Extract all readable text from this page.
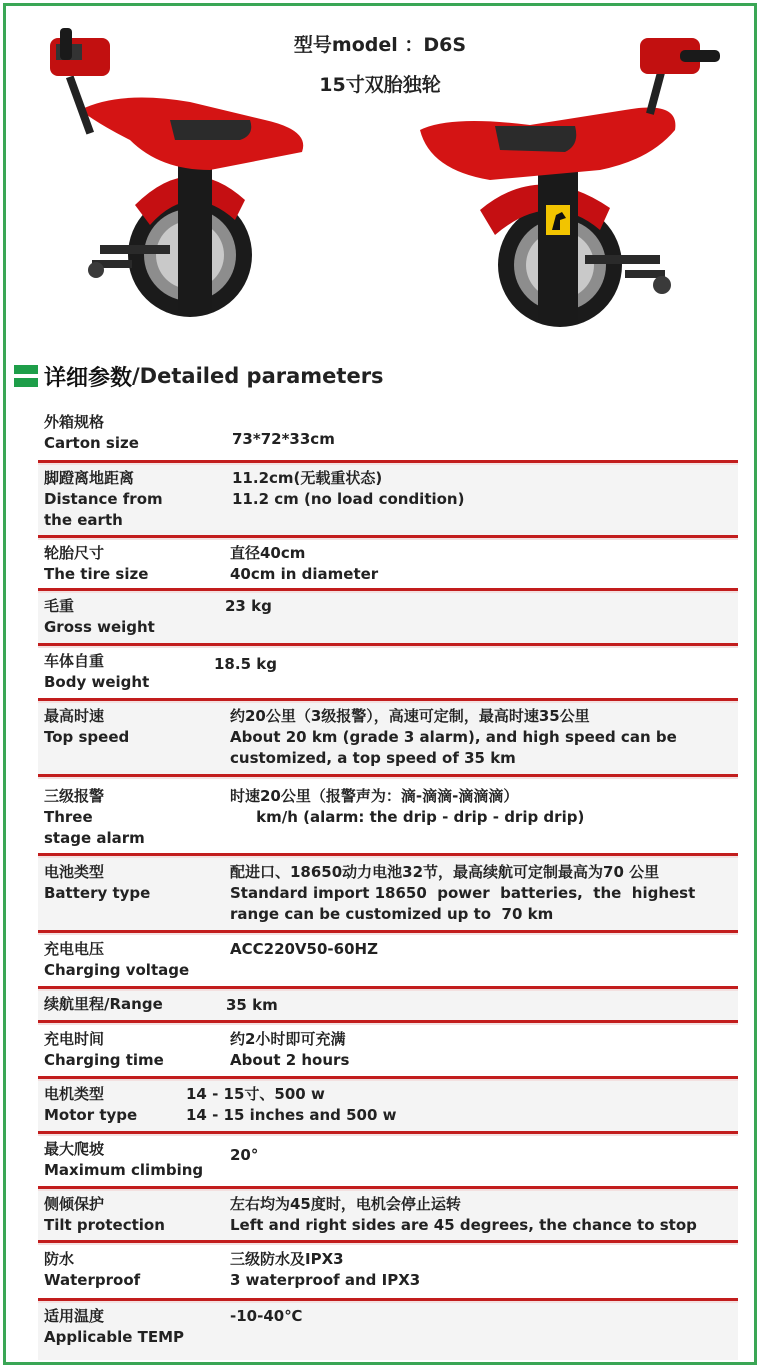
型号model ：D6S
15寸双胎独轮
详细参数 /Detailed parameters
外箱规格
Carton size	73*72*33cm
脚蹬离地距离
Distance from
the earth
11.2cm(无载重状态)
11.2 cm (no load condition)
轮胎尺寸
The tire size
直径40cm
40cm in diameter
毛重
Gross weight
23 kg
车体自重
Body weight
18.5 kg
最高时速
Top speed
约20公里（3级报警），高速可定制，最高时速35公里
About 20 km (grade 3 alarm), and high speed can be
customized, a top speed of 35 km
三级报警
Three
stage alarm
时速20公里（报警声为：滴-滴滴-滴滴滴）
km/h (alarm: the drip - drip - drip drip)
电池类型
Battery type
配进口、18650动力电池32节，最高续航可定制最高为70 公里
Standard import 18650  power  batteries,  the  highest
range can be customized up to  70 km
充电电压
Charging voltage
ACC220V50-60HZ
续航里程/Range	35 km
充电时间
Charging time
约2小时即可充满
About 2 hours
电机类型
Motor type
14 - 15寸、500 w
14 - 15 inches and 500 w
最大爬坡
Maximum climbing
20°
侧倾保护
Tilt protection
左右均为45度时，电机会停止运转
Left and right sides are 45 degrees, the chance to stop
防水
Waterproof
三级防水及IPX3
3 waterproof and IPX3
适用温度
Applicable TEMP
-10-40℃
